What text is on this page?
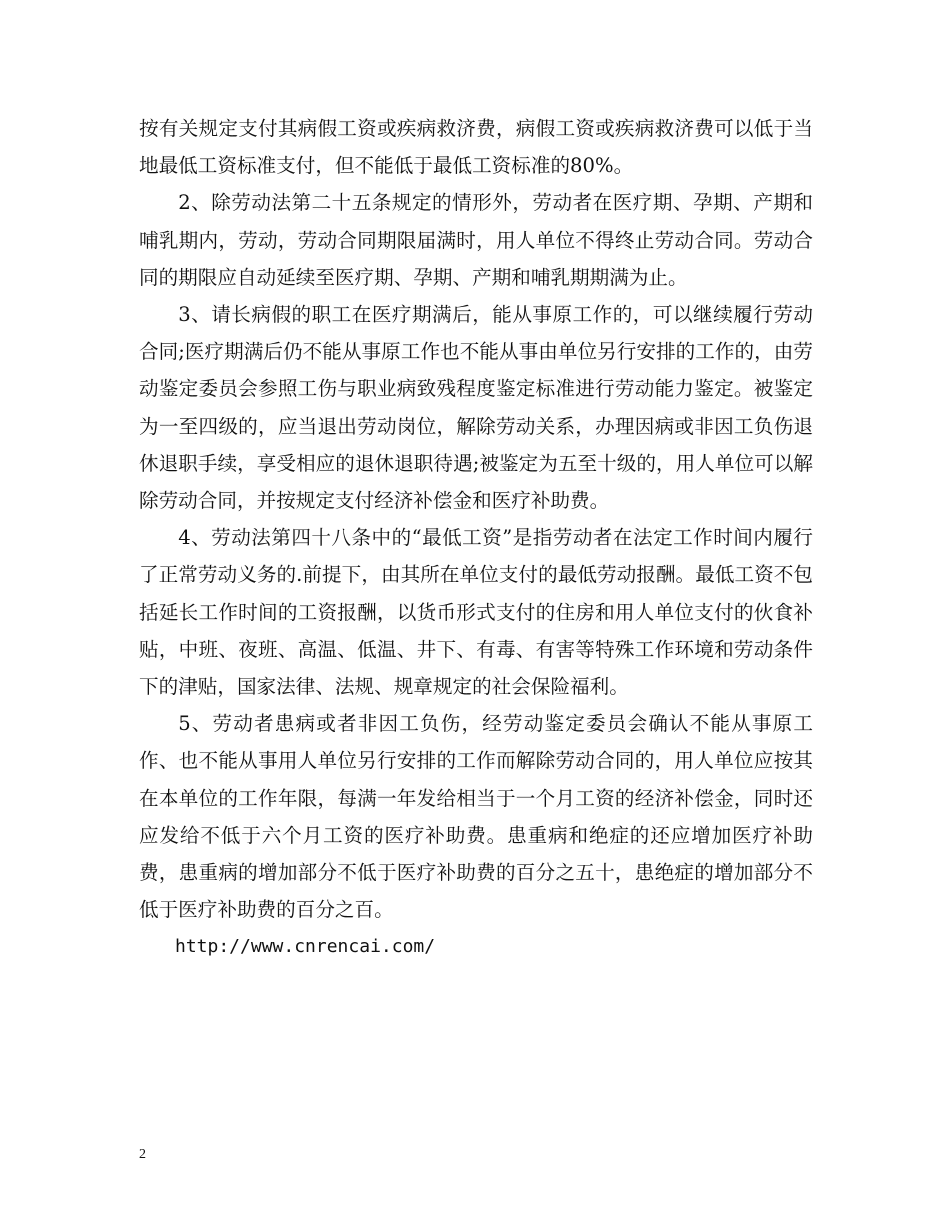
按有关规定支付其病假工资或疾病救济费，病假工资或疾病救济费可以低于当地最低工资标准支付，但不能低于最低工资标准的80%。

2、除劳动法第二十五条规定的情形外，劳动者在医疗期、孕期、产期和哺乳期内，劳动，劳动合同期限届满时，用人单位不得终止劳动合同。劳动合同的期限应自动延续至医疗期、孕期、产期和哺乳期期满为止。

3、请长病假的职工在医疗期满后，能从事原工作的，可以继续履行劳动合同;医疗期满后仍不能从事原工作也不能从事由单位另行安排的工作的，由劳动鉴定委员会参照工伤与职业病致残程度鉴定标准进行劳动能力鉴定。被鉴定为一至四级的，应当退出劳动岗位，解除劳动关系，办理因病或非因工负伤退休退职手续，享受相应的退休退职待遇;被鉴定为五至十级的，用人单位可以解除劳动合同，并按规定支付经济补偿金和医疗补助费。

4、劳动法第四十八条中的“最低工资”是指劳动者在法定工作时间内履行了正常劳动义务的.前提下，由其所在单位支付的最低劳动报酬。最低工资不包括延长工作时间的工资报酬，以货币形式支付的住房和用人单位支付的伙食补贴，中班、夜班、高温、低温、井下、有毒、有害等特殊工作环境和劳动条件下的津贴，国家法律、法规、规章规定的社会保险福利。

5、劳动者患病或者非因工负伤，经劳动鉴定委员会确认不能从事原工作、也不能从事用人单位另行安排的工作而解除劳动合同的，用人单位应按其在本单位的工作年限，每满一年发给相当于一个月工资的经济补偿金，同时还应发给不低于六个月工资的医疗补助费。患重病和绝症的还应增加医疗补助费，患重病的增加部分不低于医疗补助费的百分之五十，患绝症的增加部分不低于医疗补助费的百分之百。

http://www.cnrencai.com/

2
